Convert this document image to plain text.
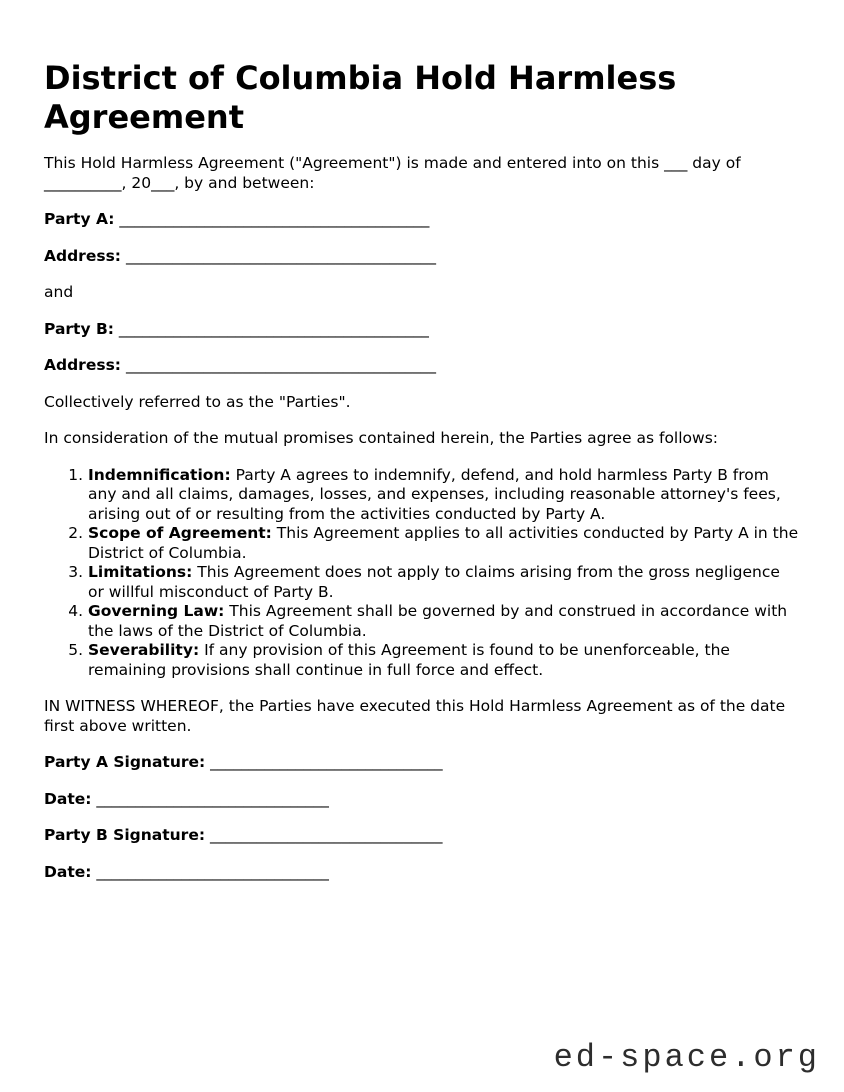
District of Columbia Hold Harmless Agreement

This Hold Harmless Agreement ("Agreement") is made and entered into on this ___ day of __________, 20___, by and between:

Party A: ________________________________________

Address: ________________________________________

and

Party B: ________________________________________

Address: ________________________________________

Collectively referred to as the "Parties".

In consideration of the mutual promises contained herein, the Parties agree as follows:

1. Indemnification: Party A agrees to indemnify, defend, and hold harmless Party B from any and all claims, damages, losses, and expenses, including reasonable attorney's fees, arising out of or resulting from the activities conducted by Party A.
2. Scope of Agreement: This Agreement applies to all activities conducted by Party A in the District of Columbia.
3. Limitations: This Agreement does not apply to claims arising from the gross negligence or willful misconduct of Party B.
4. Governing Law: This Agreement shall be governed by and construed in accordance with the laws of the District of Columbia.
5. Severability: If any provision of this Agreement is found to be unenforceable, the remaining provisions shall continue in full force and effect.

IN WITNESS WHEREOF, the Parties have executed this Hold Harmless Agreement as of the date first above written.

Party A Signature: ______________________________

Date: ______________________________

Party B Signature: ______________________________

Date: ______________________________

ed-space.org
